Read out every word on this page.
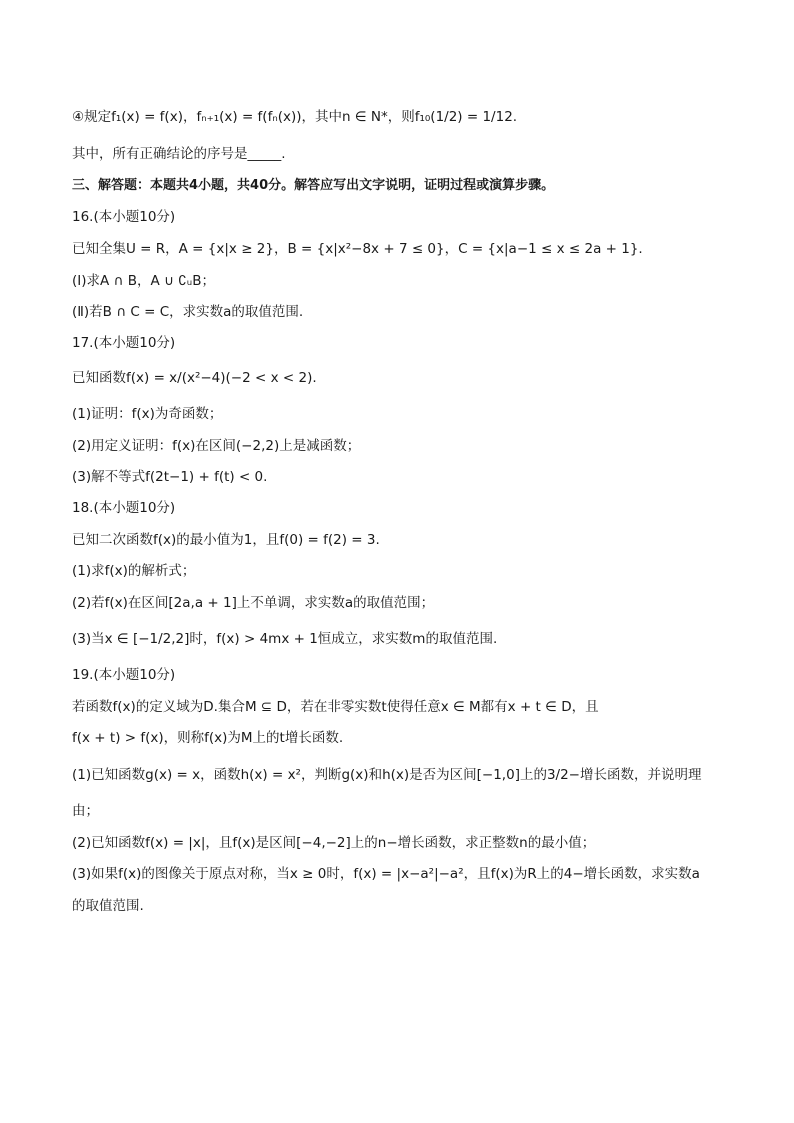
④规定f₁(x) = f(x)，fₙ₊₁(x) = f(fₙ(x))，其中n ∈ N*，则f₁₀(1/2) = 1/12.
其中，所有正确结论的序号是_____.
三、解答题：本题共4小题，共40分。解答应写出文字说明，证明过程或演算步骤。
16.(本小题10分)
已知全集U = R，A = {x|x ≥ 2}，B = {x|x²−8x + 7 ≤ 0}，C = {x|a−1 ≤ x ≤ 2a + 1}.
(Ⅰ)求A ∩ B，A ∪ ∁ᵤB；
(Ⅱ)若B ∩ C = C，求实数a的取值范围.
17.(本小题10分)
已知函数f(x) = x/(x²−4)(−2 < x < 2).
(1)证明：f(x)为奇函数；
(2)用定义证明：f(x)在区间(−2,2)上是减函数；
(3)解不等式f(2t−1) + f(t) < 0.
18.(本小题10分)
已知二次函数f(x)的最小值为1，且f(0) = f(2) = 3.
(1)求f(x)的解析式；
(2)若f(x)在区间[2a,a + 1]上不单调，求实数a的取值范围；
(3)当x ∈ [−1/2,2]时，f(x) > 4mx + 1恒成立，求实数m的取值范围.
19.(本小题10分)
若函数f(x)的定义域为D.集合M ⊆ D，若在非零实数t使得任意x ∈ M都有x + t ∈ D，且
f(x + t) > f(x)，则称f(x)为M上的t增长函数.
(1)已知函数g(x) = x，函数h(x) = x²，判断g(x)和h(x)是否为区间[−1,0]上的3/2−增长函数，并说明理
由；
(2)已知函数f(x) = |x|，且f(x)是区间[−4,−2]上的n−增长函数，求正整数n的最小值；
(3)如果f(x)的图像关于原点对称，当x ≥ 0时，f(x) = |x−a²|−a²，且f(x)为R上的4−增长函数，求实数a
的取值范围.
